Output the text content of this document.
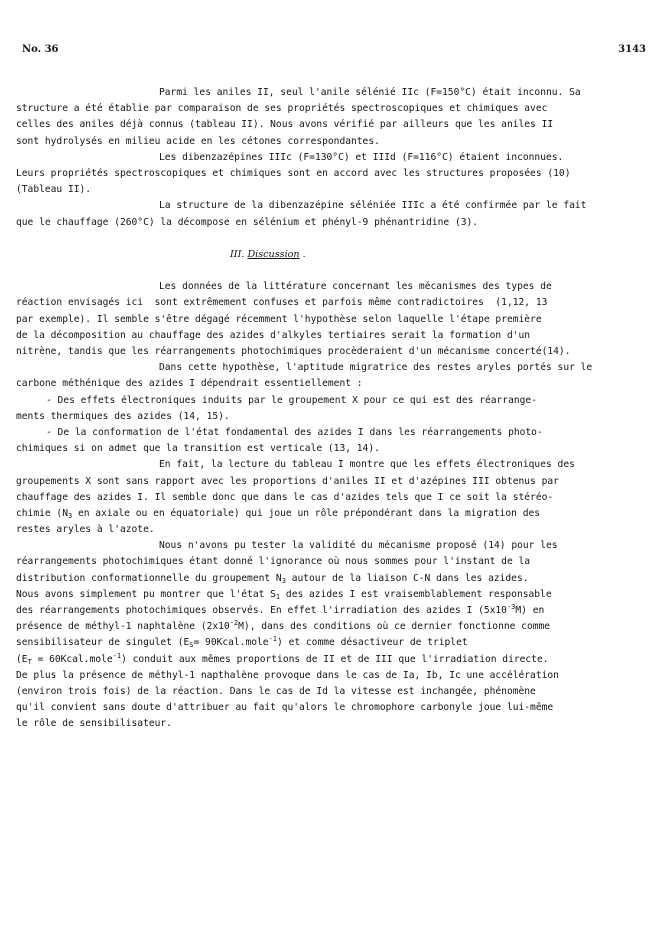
No. 36	3143
Parmi les aniles II, seul l'anile sélénié IIc (F=150°C) était inconnu. Sa
structure a été établie par comparaison de ses propriétés spectroscopiques et chimiques avec
celles des aniles déjà connus (tableau II). Nous avons vérifié par ailleurs que les aniles II
sont hydrolysés en milieu acide en les cétones correspondantes.
Les dibenzazépines IIIc (F=130°C) et IIId (F=116°C) étaient inconnues.
Leurs propriétés spectroscopiques et chimiques sont en accord avec les structures proposées (10)
(Tableau II).
La structure de la dibenzazépine séléniée IIIc a été confirmée par le fait
que le chauffage (260°C) la décompose en sélénium et phényl-9 phénantridine (3).
III. Discussion .
Les données de la littérature concernant les mécanismes des types de
réaction envisagés ici  sont extrêmement confuses et parfois même contradictoires  (1,12, 13
par exemple). Il semble s'être dégagé récemment l'hypothèse selon laquelle l'étape première
de la décomposition au chauffage des azides d'alkyles tertiaires serait la formation d'un
nitrène, tandis que les réarrangements photochimiques procèderaient d'un mécanisme concerté(14).
Dans cette hypothèse, l'aptitude migratrice des restes aryles portés sur le
carbone méthénique des azides I dépendrait essentiellement :
- Des effets électroniques induits par le groupement X pour ce qui est des réarrange-
ments thermiques des azides (14, 15).
- De la conformation de l'état fondamental des azides I dans les réarrangements photo-
chimiques si on admet que la transition est verticale (13, 14).
En fait, la lecture du tableau I montre que les effets électroniques des
groupements X sont sans rapport avec les proportions d'aniles II et d'azépines III obtenus par
chauffage des azides I. Il semble donc que dans le cas d'azides tels que I ce soit la stéréo-
chimie ($N_3$ en axiale ou en équatoriale) qui joue un rôle prépondérant dans la migration des
restes aryles à l'azote.
Nous n'avons pu tester la validité du mécanisme proposé (14) pour les
réarrangements photochimiques étant donné l'ignorance où nous sommes pour l'instant de la
distribution conformationnelle du groupement $N_3$ autour de la liaison C-N dans les azides.
Nous avons simplement pu montrer que l'état $S_1$ des azides I est vraisemblablement responsable
des réarrangements photochimiques observés. En effet l'irradiation des azides I $(5x10^{-3}M)$ en
présence de méthyl-1 naphtalène $(2x10^{-2}M)$, dans des conditions où ce dernier fonctionne comme
sensibilisateur de singulet ($E_S=$ 90Kcal.mole$^{-1}$) et comme désactiveur de triplet
($E_T$ = 60Kcal.mole$^{-1}$) conduit aux mêmes proportions de II et de III que l'irradiation directe.
De plus la présence de méthyl-1 napthalène provoque dans le cas de Ia, Ib, Ic une accélération
(environ trois fois) de la réaction. Dans le cas de Id la vitesse est inchangée, phénomène
qu'il convient sans doute d'attribuer au fait qu'alors le chromophore carbonyle joue lui-même
le rôle de sensibilisateur.
